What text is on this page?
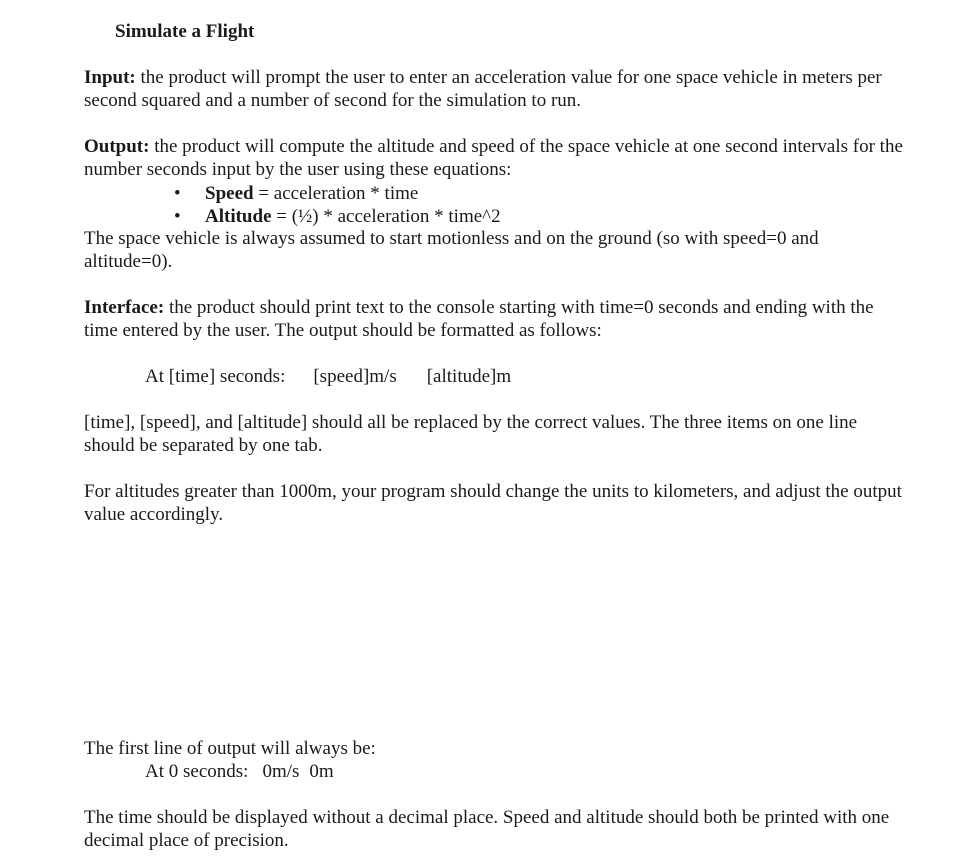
Simulate a Flight

Input: the product will prompt the user to enter an acceleration value for one space vehicle in meters per second squared and a number of second for the simulation to run.

Output: the product will compute the altitude and speed of the space vehicle at one second intervals for the number seconds input by the user using these equations:

• Speed = acceleration * time
• Altitude = (½) * acceleration * time^2

The space vehicle is always assumed to start motionless and on the ground (so with speed=0 and altitude=0).

Interface: the product should print text to the console starting with time=0 seconds and ending with the time entered by the user. The output should be formatted as follows:

At [time] seconds: [speed]m/s [altitude]m

[time], [speed], and [altitude] should all be replaced by the correct values. The three items on one line should be separated by one tab.

For altitudes greater than 1000m, your program should change the units to kilometers, and adjust the output value accordingly.

The first line of output will always be:

At 0 seconds: 0m/s 0m

The time should be displayed without a decimal place. Speed and altitude should both be printed with one decimal place of precision.
